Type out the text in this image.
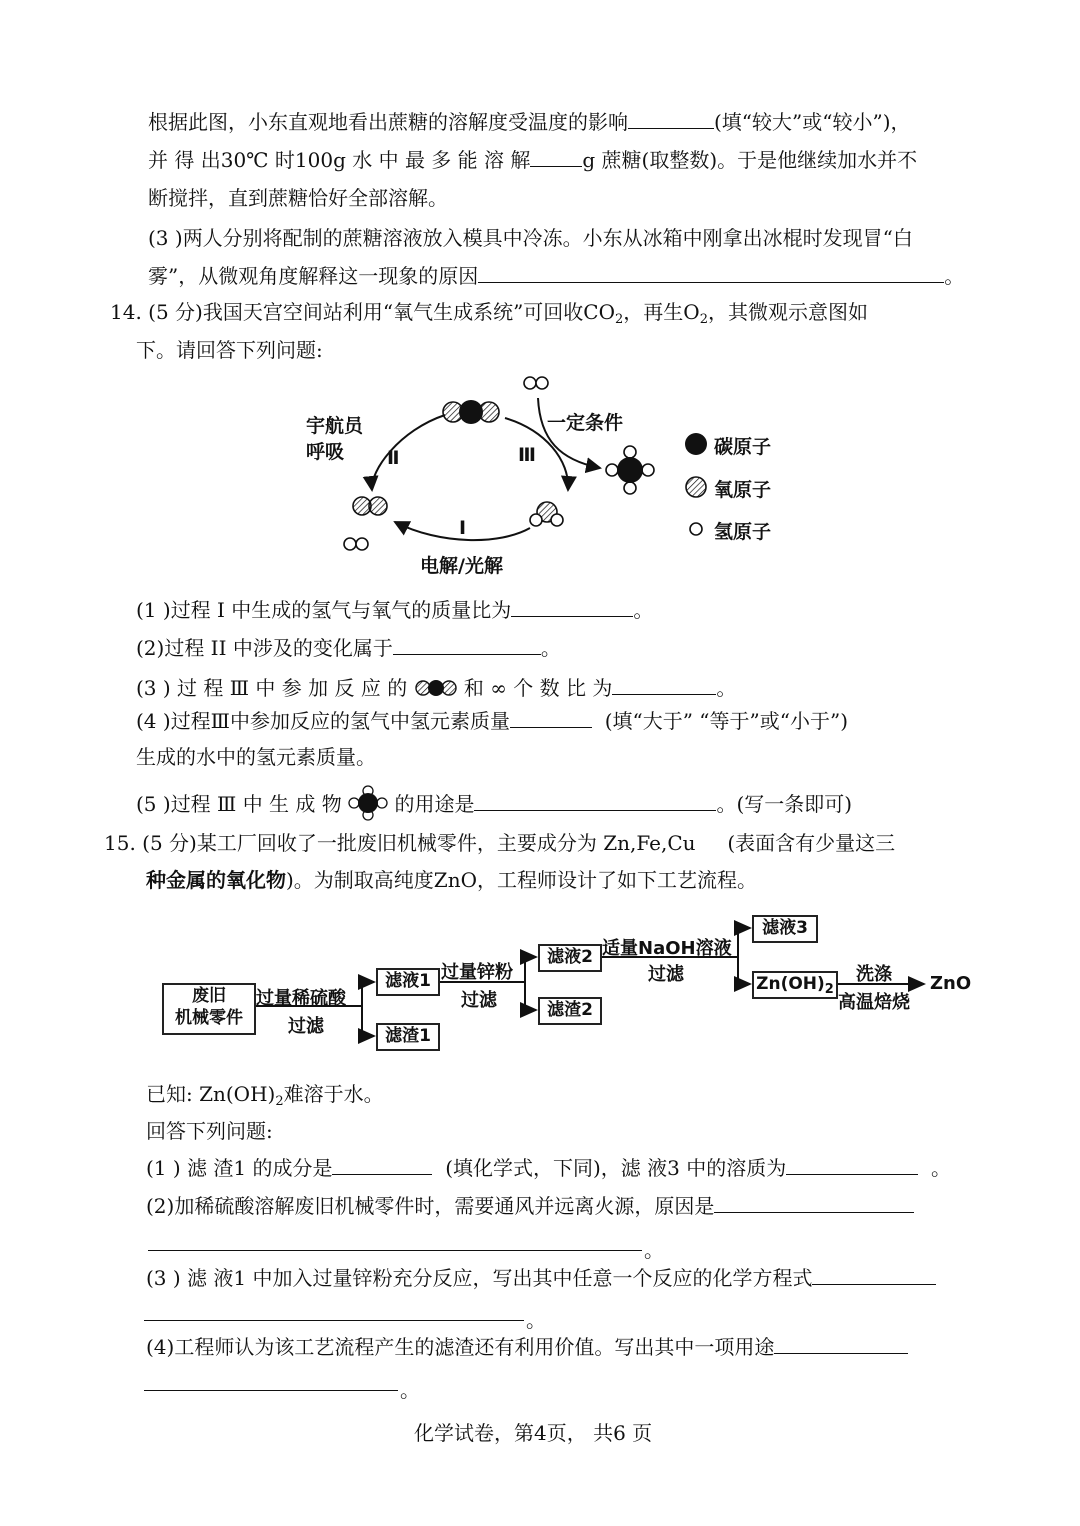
根据此图，小东直观地看出蔗糖的溶解度受温度的影响	(填“较大”或“较小”)，
并 得 出30℃ 时100g 水 中 最 多 能 溶 解	g 蔗糖(取整数)。于是他继续加水并不
断搅拌，直到蔗糖恰好全部溶解。
(3 )两人分别将配制的蔗糖溶液放入模具中冷冻。小东从冰箱中刚拿出冰棍时发现冒“白
雾”，从微观角度解释这一现象的原因	。
14. (5 分)我国天宫空间站利用“氧气生成系统”可回收$CO_2$，再生$O_2$，其微观示意图如
下。请回答下列问题:
宇航员
呼吸
一定条件
电解/光解
I
Ⅱ	Ⅲ	碳原子
氧原子
氢原子
(1 )过程 I 中生成的氢气与氧气的质量比为	。
(2)过程 II 中涉及的变化属于	。
(3 ) 过 程 Ⅲ 中 参 加 反 应 的	和 ∞ 个 数 比 为	。
(4 )过程Ⅲ中参加反应的氢气中氢元素质量	(填“大于” “等于”或“小于”)
生成的水中的氢元素质量。
(5 )过程 Ⅲ 中 生 成 物	的用途是	。(写一条即可)
15. (5 分)某工厂回收了一批废旧机械零件，主要成分为 Zn,Fe,Cu (表面含有少量这三
种金属的氧化物)。为制取高纯度ZnO，工程师设计了如下工艺流程。
废旧
机械零件
过量稀硫酸
过滤
滤液1
滤渣1
过量锌粉
过滤
滤液2
滤渣2
适量NaOH溶液
过滤
滤液3
$Zn(OH)_2$
洗涤
高温焙烧
ZnO
已知: $Zn(OH)_2$难溶于水。
回答下列问题:
(1 ) 滤 渣1 的成分是	(填化学式，下同)，滤 液3 中的溶质为	。
(2)加稀硫酸溶解废旧机械零件时，需要通风并远离火源，原因是
。
(3 ) 滤 液1 中加入过量锌粉充分反应，写出其中任意一个反应的化学方程式
。
(4)工程师认为该工艺流程产生的滤渣还有利用价值。写出其中一项用途
。
化学试卷，第4页， 共6 页
